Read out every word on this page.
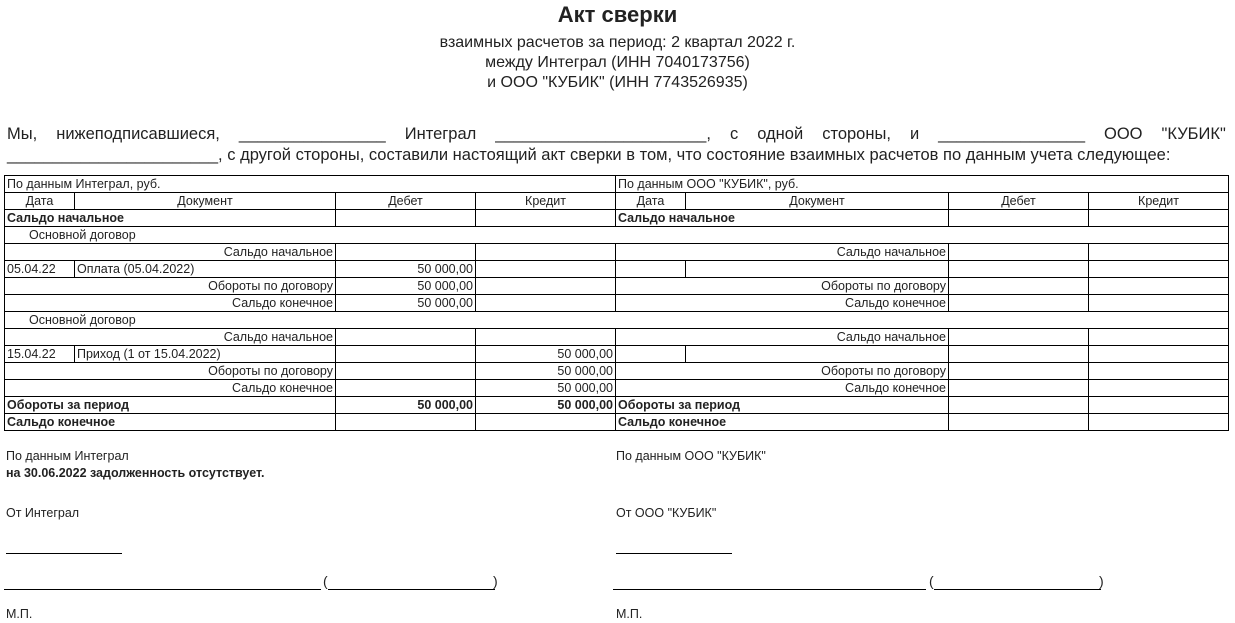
Акт сверки
взаимных расчетов за период: 2 квартал 2022 г.
между Интеграл (ИНН 7040173756)
и ООО "КУБИК" (ИНН 7743526935)
Мы, нижеподписавшиеся, ________________ Интеграл _______________________, с одной стороны, и ________________ ООО "КУБИК"
_______________________, с другой стороны, составили настоящий акт сверки в том, что состояние взаимных расчетов по данным учета следующее:
По данным Интеграл, руб.				По данным ООО "КУБИК", руб.			
Дата	Документ	Дебет	Кредит	Дата	Документ	Дебет	Кредит
Сальдо начальное				Сальдо начальное			
Основной договор							
Сальдо начальное				Сальдо начальное			
05.04.22	Оплата (05.04.2022)	50 000,00					
Обороты по договору		50 000,00		Обороты по договору			
Сальдо конечное		50 000,00		Сальдо конечное			
Основной договор							
Сальдо начальное				Сальдо начальное			
15.04.22	Приход (1 от 15.04.2022)		50 000,00				
Обороты по договору			50 000,00	Обороты по договору			
Сальдо конечное			50 000,00	Сальдо конечное			
Обороты за период		50 000,00	50 000,00	Обороты за период			
Сальдо конечное				Сальдо конечное			
По данным Интеграл
на 30.06.2022 задолженность отсутствует.
По данным ООО "КУБИК"
От Интеграл	От ООО "КУБИК"
(	)	(	)
М.П.	М.П.
